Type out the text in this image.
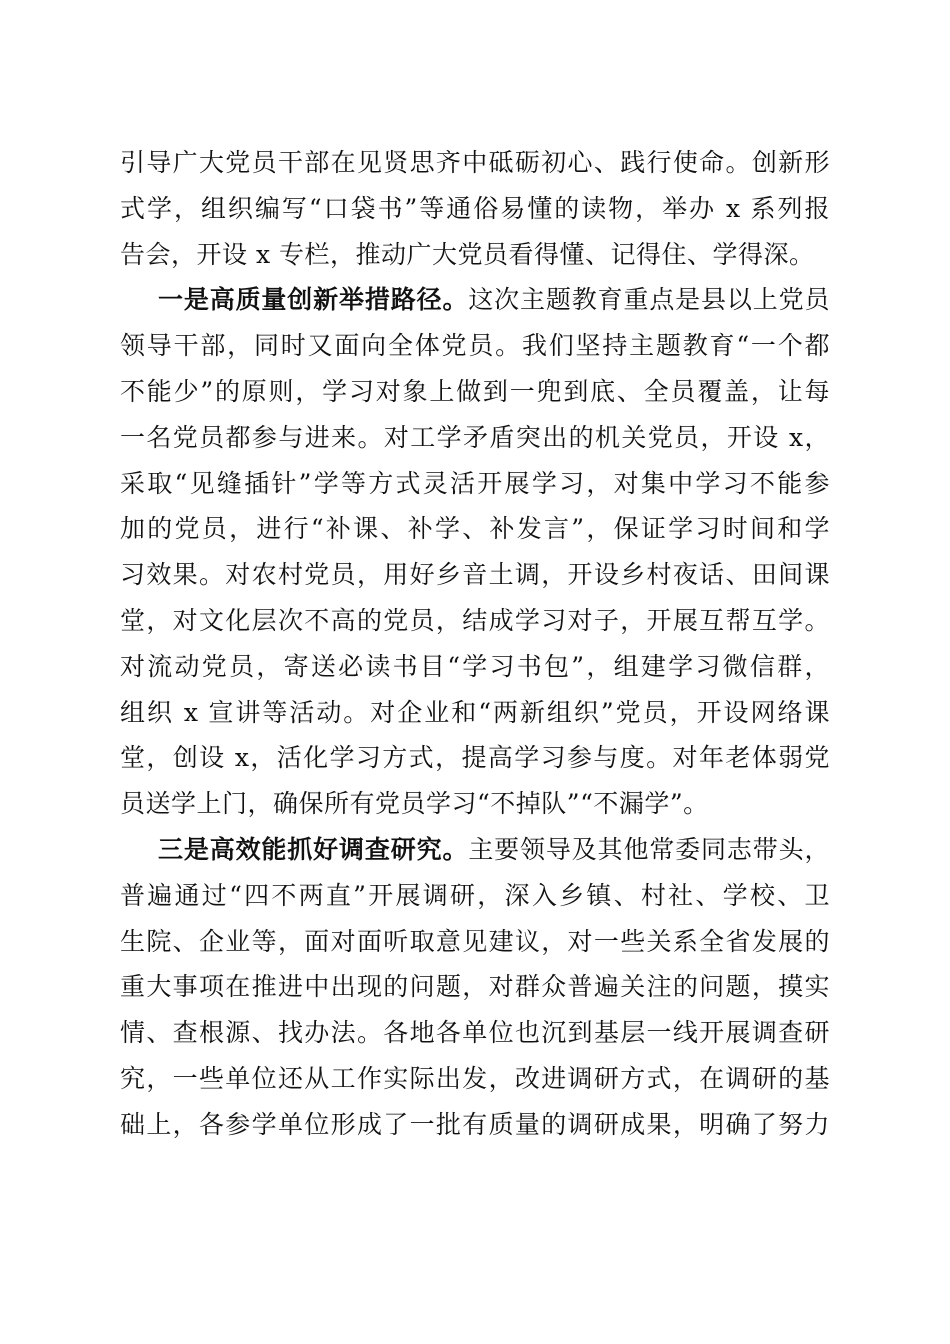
引导广大党员干部在见贤思齐中砥砺初心、践行使命。创新形
式学，组织编写“口袋书”等通俗易懂的读物，举办 x 系列报
告会，开设 x 专栏，推动广大党员看得懂、记得住、学得深。
一是高质量创新举措路径。这次主题教育重点是县以上党员
领导干部，同时又面向全体党员。我们坚持主题教育“一个都
不能少”的原则，学习对象上做到一兜到底、全员覆盖，让每
一名党员都参与进来。对工学矛盾突出的机关党员，开设 x，
采取“见缝插针”学等方式灵活开展学习，对集中学习不能参
加的党员，进行“补课、补学、补发言”，保证学习时间和学
习效果。对农村党员，用好乡音土调，开设乡村夜话、田间课
堂，对文化层次不高的党员，结成学习对子，开展互帮互学。
对流动党员，寄送必读书目“学习书包”，组建学习微信群，
组织 x 宣讲等活动。对企业和“两新组织”党员，开设网络课
堂，创设 x，活化学习方式，提高学习参与度。对年老体弱党
员送学上门，确保所有党员学习“不掉队”“不漏学”。
三是高效能抓好调查研究。主要领导及其他常委同志带头，
普遍通过“四不两直”开展调研，深入乡镇、村社、学校、卫
生院、企业等，面对面听取意见建议，对一些关系全省发展的
重大事项在推进中出现的问题，对群众普遍关注的问题，摸实
情、查根源、找办法。各地各单位也沉到基层一线开展调查研
究，一些单位还从工作实际出发，改进调研方式，在调研的基
础上，各参学单位形成了一批有质量的调研成果，明确了努力
